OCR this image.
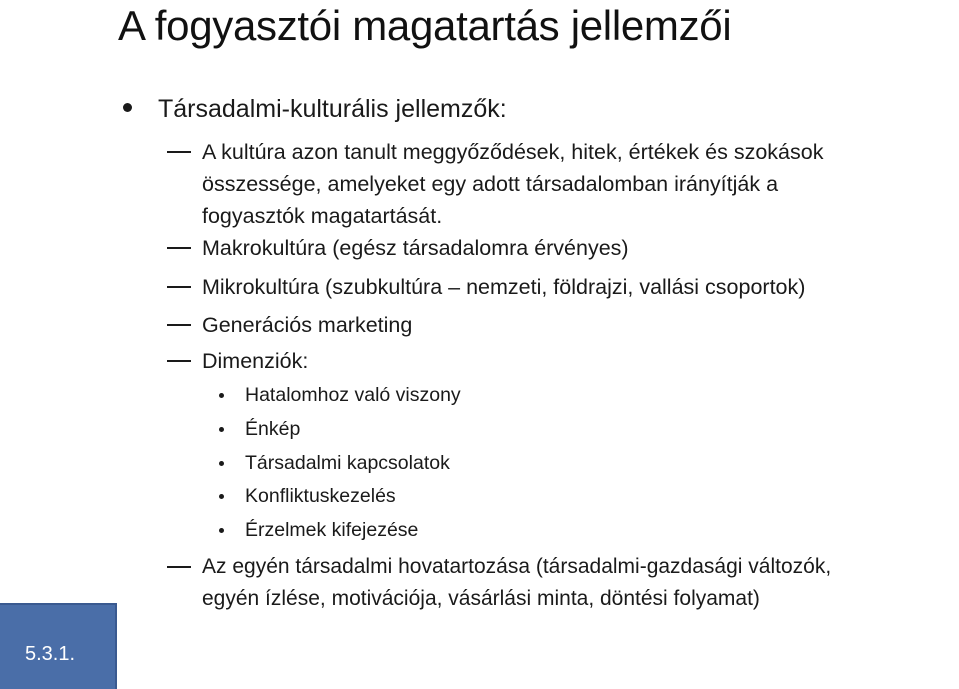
A fogyasztói magatartás jellemzői
Társadalmi-kulturális jellemzők:
A kultúra azon tanult meggyőződések, hitek, értékek és szokások
összessége, amelyeket egy adott társadalomban irányítják a
fogyasztók magatartását.
Makrokultúra (egész társadalomra érvényes)
Mikrokultúra (szubkultúra – nemzeti, földrajzi, vallási csoportok)
Generációs marketing
Dimenziók:
Hatalomhoz való viszony
Énkép
Társadalmi kapcsolatok
Konfliktuskezelés
Érzelmek kifejezése
Az egyén társadalmi hovatartozása (társadalmi-gazdasági változók,
egyén ízlése, motivációja, vásárlási minta, döntési folyamat)
5.3.1.
